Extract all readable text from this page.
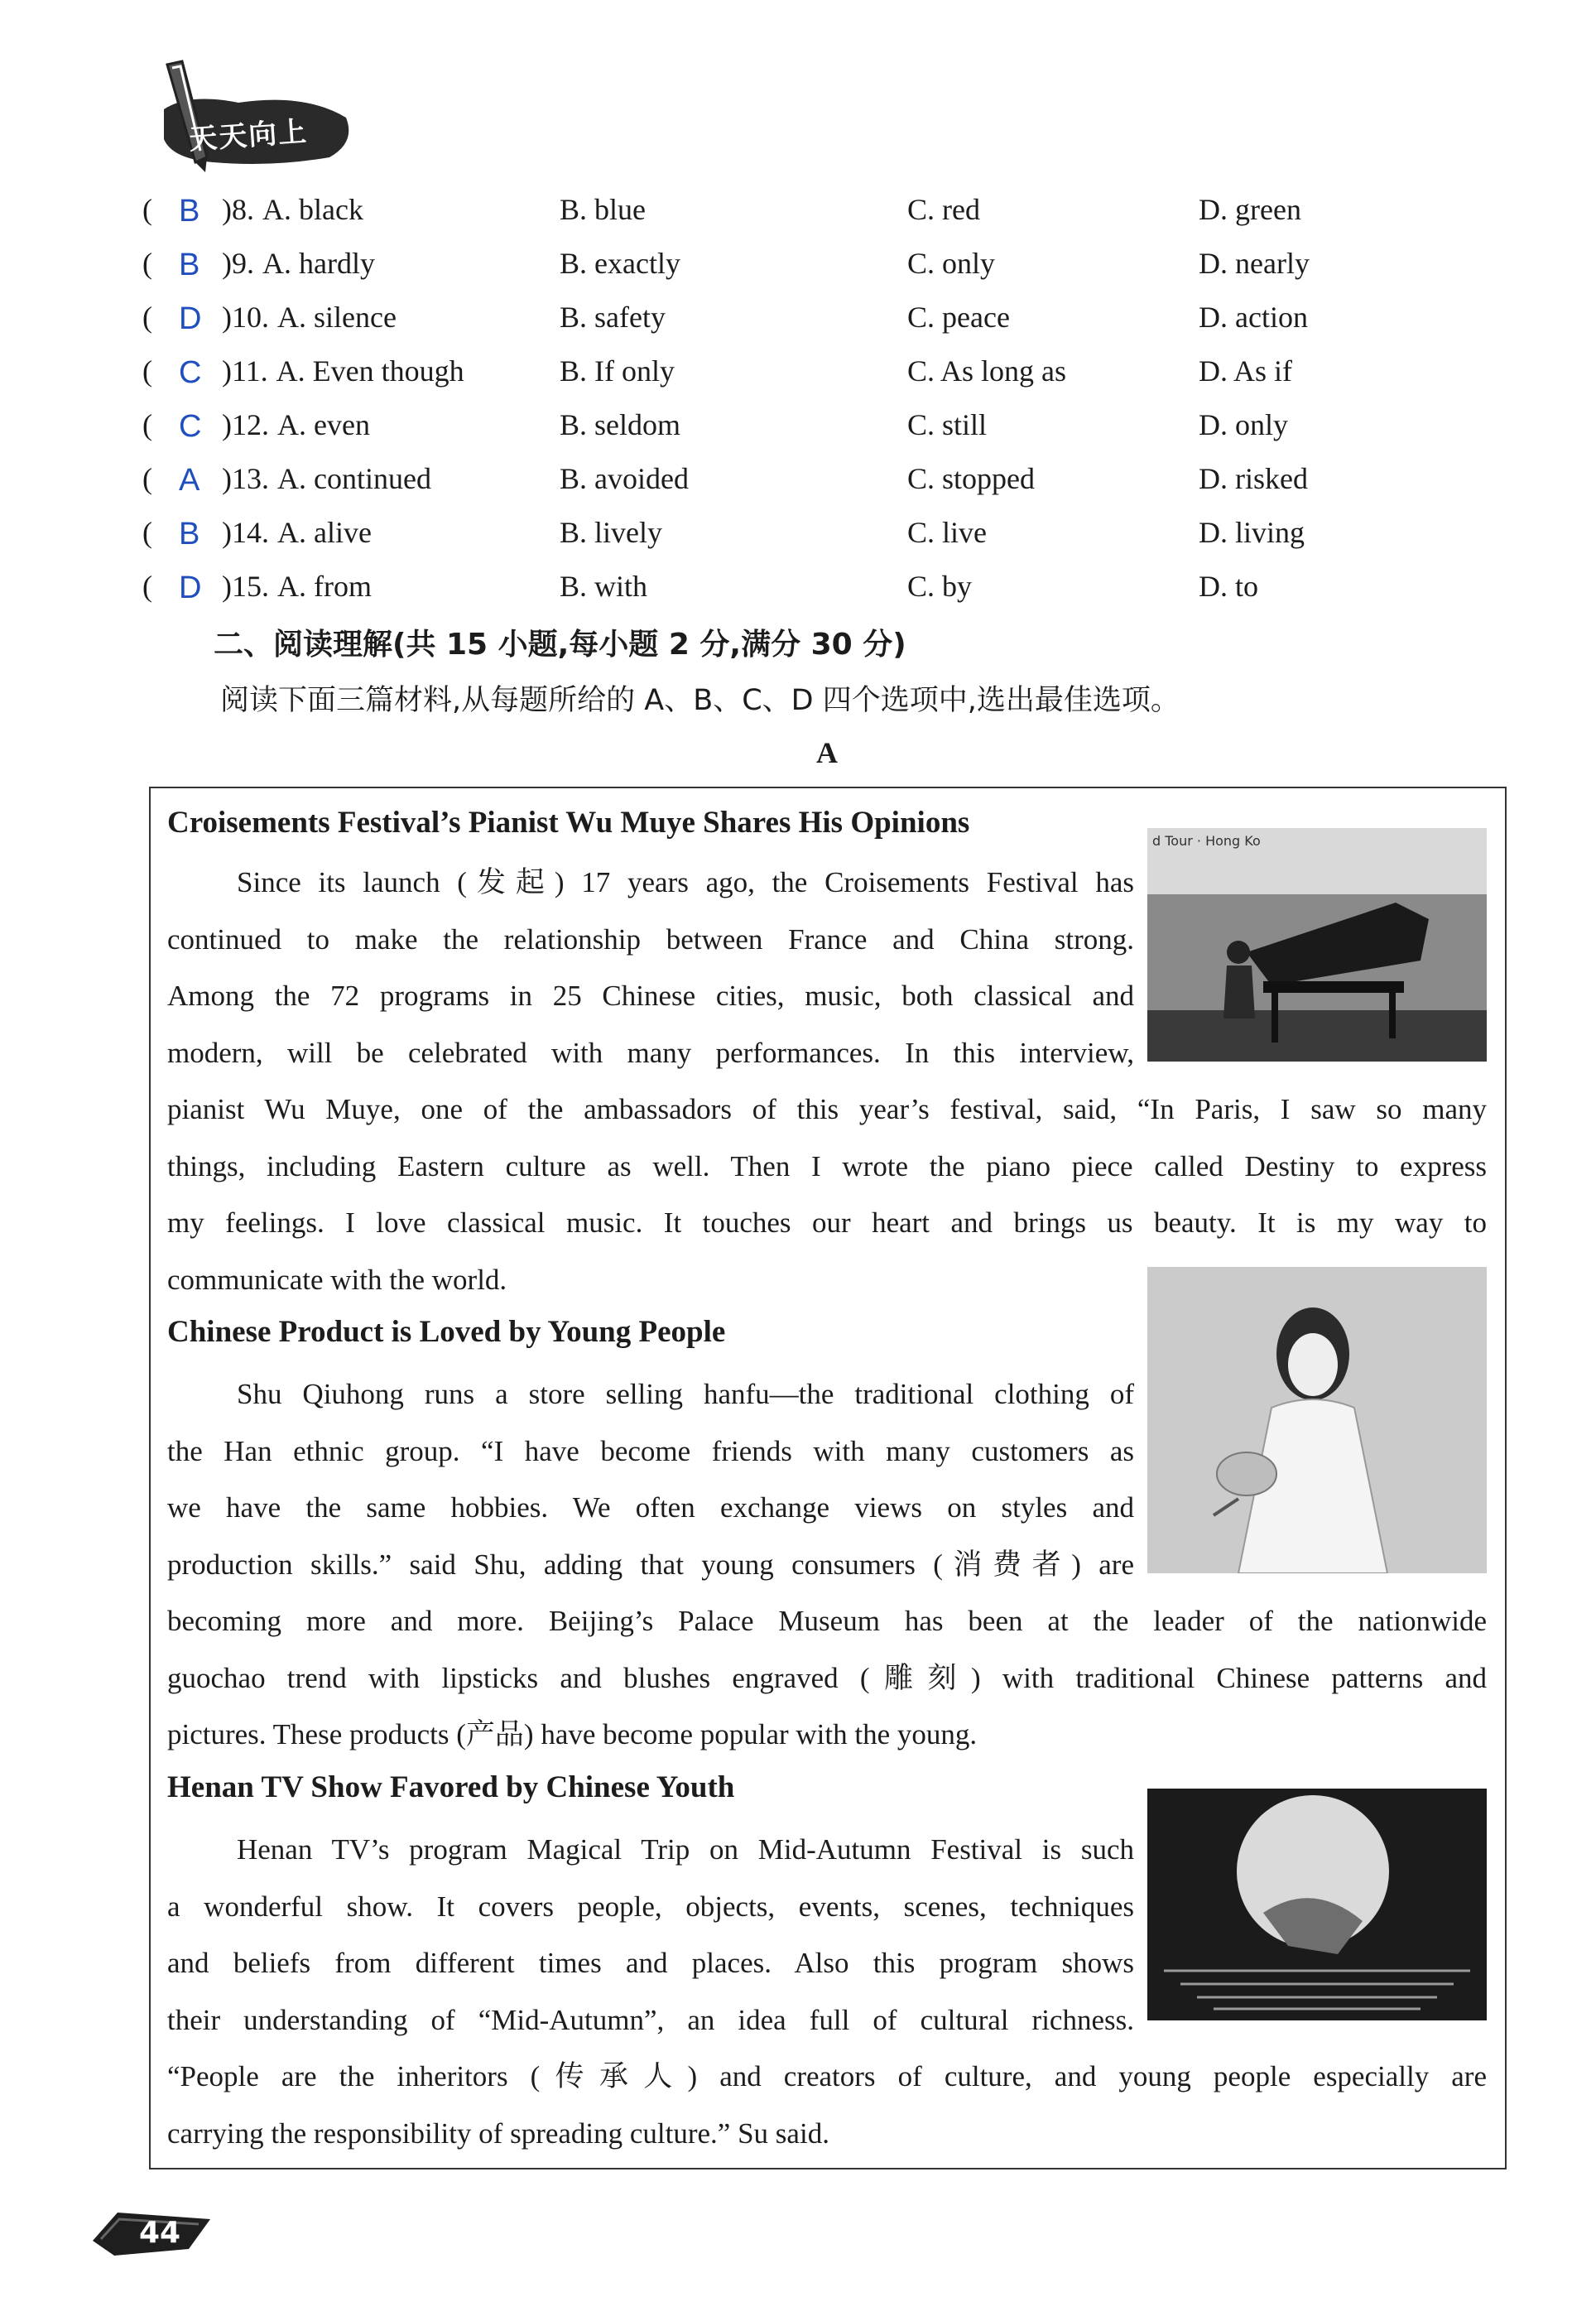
天天向上
( B )8. A. black	B. blue	C. red	D. green
( B )9. A. hardly	B. exactly	C. only	D. nearly
( D )10. A. silence	B. safety	C. peace	D. action
( C )11. A. Even though	B. If only	C. As long as	D. As if
( C )12. A. even	B. seldom	C. still	D. only
( A )13. A. continued	B. avoided	C. stopped	D. risked
( B )14. A. alive	B. lively	C. live	D. living
( D )15. A. from	B. with	C. by	D. to
二、阅读理解(共 15 小题,每小题 2 分,满分 30 分)
阅读下面三篇材料,从每题所给的 A、B、C、D 四个选项中,选出最佳选项。
A
Croisements Festival’s Pianist Wu Muye Shares His Opinions
Since its launch (发起) 17 years ago, the Croisements Festival has
continued to make the relationship between France and China strong.
Among the 72 programs in 25 Chinese cities, music, both classical and
modern, will be celebrated with many performances. In this interview,
pianist Wu Muye, one of the ambassadors of this year’s festival, said, “In Paris, I saw so many
things, including Eastern culture as well. Then I wrote the piano piece called Destiny to express
my feelings. I love classical music. It touches our heart and brings us beauty. It is my way to
communicate with the world.
d Tour · Hong Ko
Chinese Product is Loved by Young People
Shu Qiuhong runs a store selling hanfu—the traditional clothing of
the Han ethnic group. “I have become friends with many customers as
we have the same hobbies. We often exchange views on styles and
production skills.” said Shu, adding that young consumers (消费者) are
becoming more and more. Beijing’s Palace Museum has been at the leader of the nationwide
guochao trend with lipsticks and blushes engraved (雕刻) with traditional Chinese patterns and
pictures. These products (产品) have become popular with the young.
Henan TV Show Favored by Chinese Youth
Henan TV’s program Magical Trip on Mid-Autumn Festival is such
a wonderful show. It covers people, objects, events, scenes, techniques
and beliefs from different times and places. Also this program shows
their understanding of “Mid-Autumn”, an idea full of cultural richness.
“People are the inheritors (传承人) and creators of culture, and young people especially are
carrying the responsibility of spreading culture.” Su said.
44
